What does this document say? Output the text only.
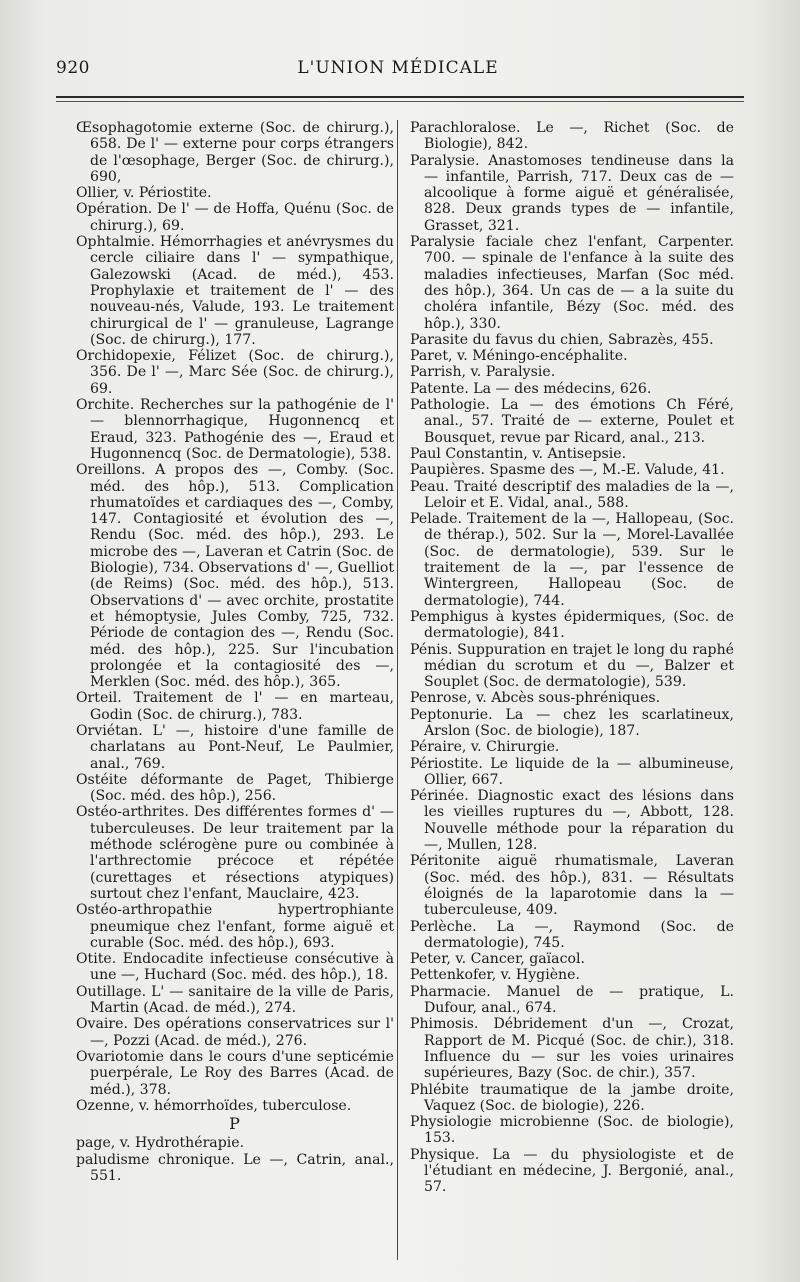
920	L'UNION MÉDICALE
Œsophagotomie externe (Soc. de chirurg.), 658. De l' — externe pour corps étrangers de l'œsophage, Berger (Soc. de chirurg.), 690,
Ollier, v. Périostite.
Opération. De l' — de Hoffa, Quénu (Soc. de chirurg.), 69.
Ophtalmie. Hémorrhagies et anévrysmes du cercle ciliaire dans l' — sympathique, Galezowski (Acad. de méd.), 453. Prophylaxie et traitement de l' — des nouveau-nés, Valude, 193. Le traitement chirurgical de l' — granuleuse, Lagrange (Soc. de chirurg.), 177.
Orchidopexie, Félizet (Soc. de chirurg.), 356. De l' —, Marc Sée (Soc. de chirurg.), 69.
Orchite. Recherches sur la pathogénie de l' — blennorrhagique, Hugonnencq et Eraud, 323. Pathogénie des —, Eraud et Hugonnencq (Soc. de Dermatologie), 538.
Oreillons. A propos des —, Comby. (Soc. méd. des hôp.), 513. Complication rhumatoïdes et cardiaques des —, Comby, 147. Contagiosité et évolution des —, Rendu (Soc. méd. des hôp.), 293. Le microbe des —, Laveran et Catrin (Soc. de Biologie), 734. Observations d' —, Guelliot (de Reims) (Soc. méd. des hôp.), 513. Observations d' — avec orchite, prostatite et hémoptysie, Jules Comby, 725, 732. Période de contagion des —, Rendu (Soc. méd. des hôp.), 225. Sur l'incubation prolongée et la contagiosité des —, Merklen (Soc. méd. des hôp.), 365.
Orteil. Traitement de l' — en marteau, Godin (Soc. de chirurg.), 783.
Orviétan. L' —, histoire d'une famille de charlatans au Pont-Neuf, Le Paulmier, anal., 769.
Ostéite déformante de Paget, Thibierge (Soc. méd. des hôp.), 256.
Ostéo-arthrites. Des différentes formes d' — tuberculeuses. De leur traitement par la méthode sclérogène pure ou combinée à l'arthrectomie précoce et répétée (curettages et résections atypiques) surtout chez l'enfant, Mauclaire, 423.
Ostéo-arthropathie hypertrophiante pneumique chez l'enfant, forme aiguë et curable (Soc. méd. des hôp.), 693.
Otite. Endocadite infectieuse consécutive à une —, Huchard (Soc. méd. des hôp.), 18.
Outillage. L' — sanitaire de la ville de Paris, Martin (Acad. de méd.), 274.
Ovaire. Des opérations conservatrices sur l' —, Pozzi (Acad. de méd.), 276.
Ovariotomie dans le cours d'une septicémie puerpérale, Le Roy des Barres (Acad. de méd.), 378.
Ozenne, v. hémorrhoïdes, tuberculose.
P
page, v. Hydrothérapie.
paludisme chronique. Le —, Catrin, anal., 551.
Parachloralose. Le —, Richet (Soc. de Biologie), 842.
Paralysie. Anastomoses tendineuse dans la — infantile, Parrish, 717. Deux cas de — alcoolique à forme aiguë et généralisée, 828. Deux grands types de — infantile, Grasset, 321.
Paralysie faciale chez l'enfant, Carpenter. 700. — spinale de l'enfance à la suite des maladies infectieuses, Marfan (Soc méd. des hôp.), 364. Un cas de — a la suite du choléra infantile, Bézy (Soc. méd. des hôp.), 330.
Parasite du favus du chien, Sabrazès, 455.
Paret, v. Méningo-encéphalite.
Parrish, v. Paralysie.
Patente. La — des médecins, 626.
Pathologie. La — des émotions Ch Féré, anal., 57. Traité de — externe, Poulet et Bousquet, revue par Ricard, anal., 213.
Paul Constantin, v. Antisepsie.
Paupières. Spasme des —, M.-E. Valude, 41.
Peau. Traité descriptif des maladies de la —, Leloir et E. Vidal, anal., 588.
Pelade. Traitement de la —, Hallopeau, (Soc. de thérap.), 502. Sur la —, Morel-Lavallée (Soc. de dermatologie), 539. Sur le traitement de la —, par l'essence de Wintergreen, Hallopeau (Soc. de dermatologie), 744.
Pemphigus à kystes épidermiques, (Soc. de dermatologie), 841.
Pénis. Suppuration en trajet le long du raphé médian du scrotum et du —, Balzer et Souplet (Soc. de dermatologie), 539.
Penrose, v. Abcès sous-phréniques.
Peptonurie. La — chez les scarlatineux, Arslon (Soc. de biologie), 187.
Péraire, v. Chirurgie.
Périostite. Le liquide de la — albumineuse, Ollier, 667.
Périnée. Diagnostic exact des lésions dans les vieilles ruptures du —, Abbott, 128. Nouvelle méthode pour la réparation du —, Mullen, 128.
Péritonite aiguë rhumatismale, Laveran (Soc. méd. des hôp.), 831. — Résultats éloignés de la laparotomie dans la — tuberculeuse, 409.
Perlèche. La —, Raymond (Soc. de dermatologie), 745.
Peter, v. Cancer, gaïacol.
Pettenkofer, v. Hygiène.
Pharmacie. Manuel de — pratique, L. Dufour, anal., 674.
Phimosis. Débridement d'un —, Crozat, Rapport de M. Picqué (Soc. de chir.), 318. Influence du — sur les voies urinaires supérieures, Bazy (Soc. de chir.), 357.
Phlébite traumatique de la jambe droite, Vaquez (Soc. de biologie), 226.
Physiologie microbienne (Soc. de biologie), 153.
Physique. La — du physiologiste et de l'étudiant en médecine, J. Bergonié, anal., 57.
